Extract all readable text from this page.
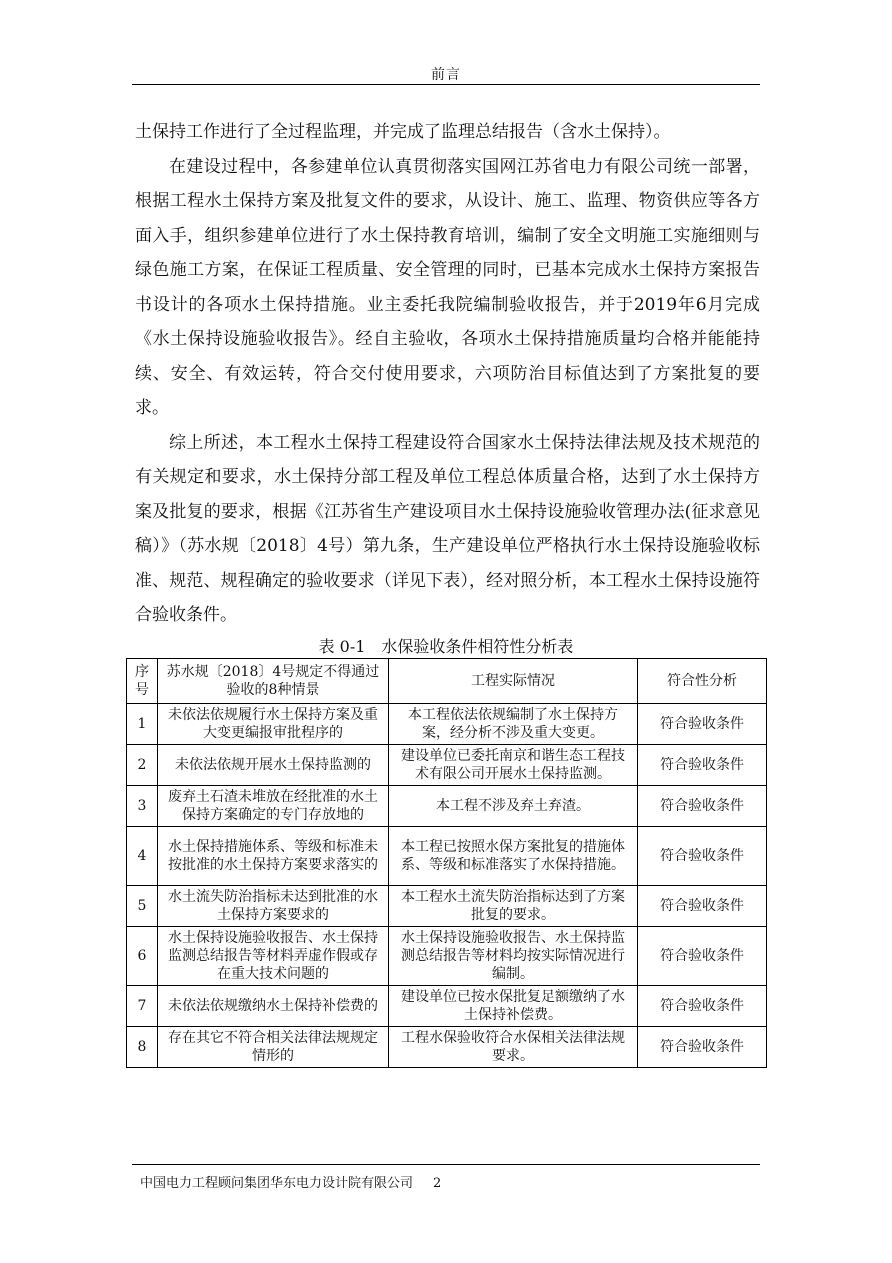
前言

土保持工作进行了全过程监理，并完成了监理总结报告（含水土保持）。

在建设过程中，各参建单位认真贯彻落实国网江苏省电力有限公司统一部署，根据工程水土保持方案及批复文件的要求，从设计、施工、监理、物资供应等各方面入手，组织参建单位进行了水土保持教育培训，编制了安全文明施工实施细则与绿色施工方案，在保证工程质量、安全管理的同时，已基本完成水土保持方案报告书设计的各项水土保持措施。业主委托我院编制验收报告，并于2019年6月完成《水土保持设施验收报告》。经自主验收，各项水土保持措施质量均合格并能能持续、安全、有效运转，符合交付使用要求，六项防治目标值达到了方案批复的要求。

综上所述，本工程水土保持工程建设符合国家水土保持法律法规及技术规范的有关规定和要求，水土保持分部工程及单位工程总体质量合格，达到了水土保持方案及批复的要求，根据《江苏省生产建设项目水土保持设施验收管理办法(征求意见稿）》（苏水规〔2018〕4号）第九条，生产建设单位严格执行水土保持设施验收标准、规范、规程确定的验收要求（详见下表），经对照分析，本工程水土保持设施符合验收条件。

表 0-1　水保验收条件相符性分析表
序号	苏水规〔2018〕4号规定不得通过验收的8种情景	工程实际情况	符合性分析
1	未依法依规履行水土保持方案及重大变更编报审批程序的	本工程依法依规编制了水土保持方案，经分析不涉及重大变更。	符合验收条件
2	未依法依规开展水土保持监测的	建设单位已委托南京和谐生态工程技术有限公司开展水土保持监测。	符合验收条件
3	废弃土石渣未堆放在经批准的水土保持方案确定的专门存放地的	本工程不涉及弃土弃渣。	符合验收条件
4	水土保持措施体系、等级和标准未按批准的水土保持方案要求落实的	本工程已按照水保方案批复的措施体系、等级和标准落实了水保持措施。	符合验收条件
5	水土流失防治指标未达到批准的水土保持方案要求的	本工程水土流失防治指标达到了方案批复的要求。	符合验收条件
6	水土保持设施验收报告、水土保持监测总结报告等材料弄虚作假或存在重大技术问题的	水土保持设施验收报告、水土保持监测总结报告等材料均按实际情况进行编制。	符合验收条件
7	未依法依规缴纳水土保持补偿费的	建设单位已按水保批复足额缴纳了水土保持补偿费。	符合验收条件
8	存在其它不符合相关法律法规规定情形的	工程水保验收符合水保相关法律法规要求。	符合验收条件
中国电力工程顾问集团华东电力设计院有限公司 2
